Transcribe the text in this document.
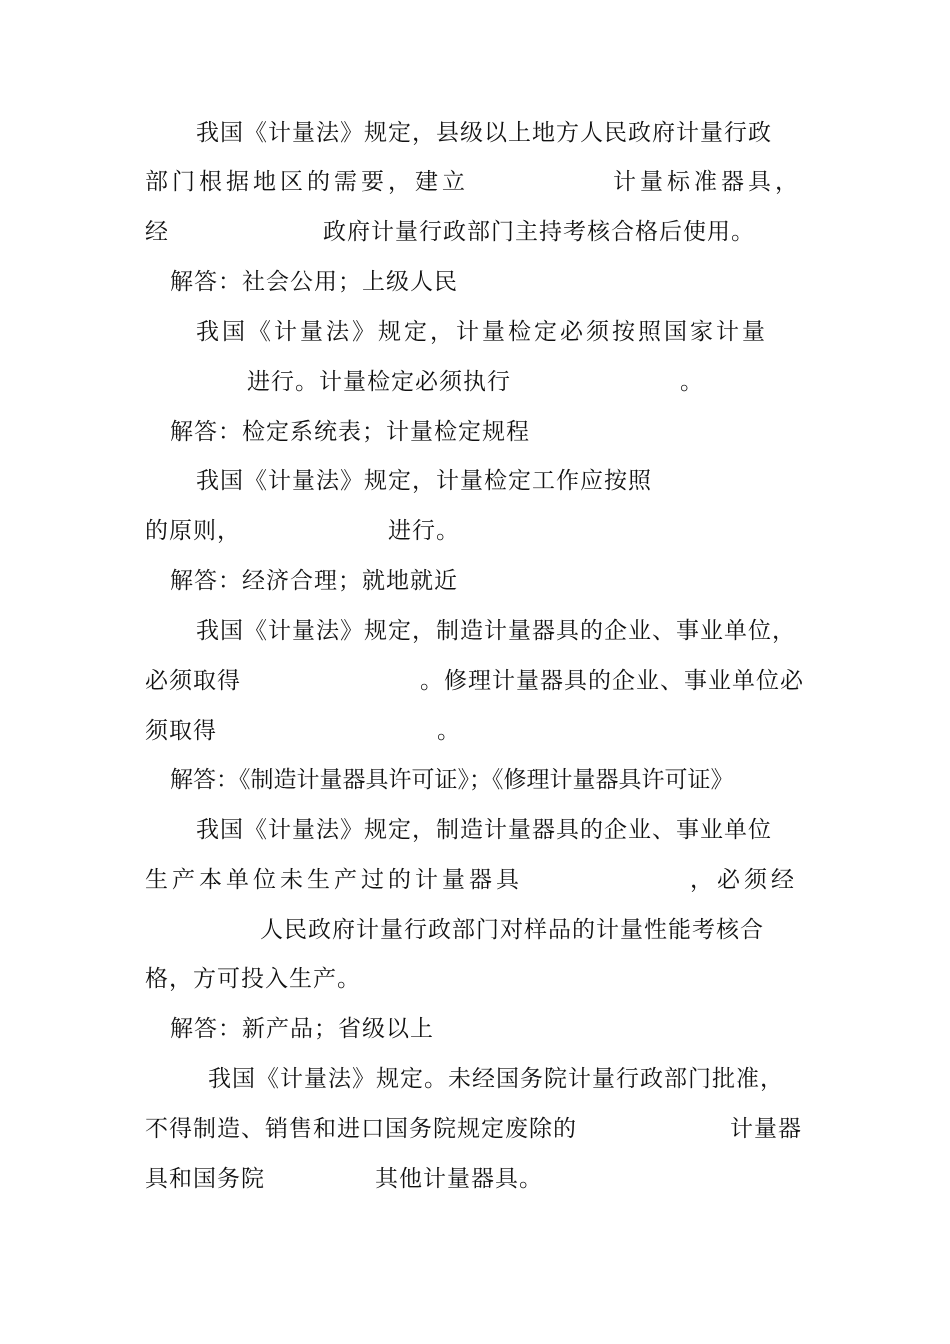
我国《计量法》规定，县级以上地方人民政府计量行政
部门根据地区的需要，建立	计量标准器具，
经	政府计量行政部门主持考核合格后使用。
解答：社会公用；上级人民
我国《计量法》规定，计量检定必须按照国家计量
进行。计量检定必须执行	。
解答：检定系统表；计量检定规程
我国《计量法》规定，计量检定工作应按照
的原则，	进行。
解答：经济合理；就地就近
我国《计量法》规定，制造计量器具的企业、事业单位，
必须取得	。修理计量器具的企业、事业单位必
须取得	。
解答：《制造计量器具许可证》；《修理计量器具许可证》
我国《计量法》规定，制造计量器具的企业、事业单位
生产本单位未生产过的计量器具	，必须经
人民政府计量行政部门对样品的计量性能考核合
格，方可投入生产。
解答：新产品；省级以上
我国《计量法》规定。未经国务院计量行政部门批准，
不得制造、销售和进口国务院规定废除的	计量器
具和国务院	其他计量器具。
